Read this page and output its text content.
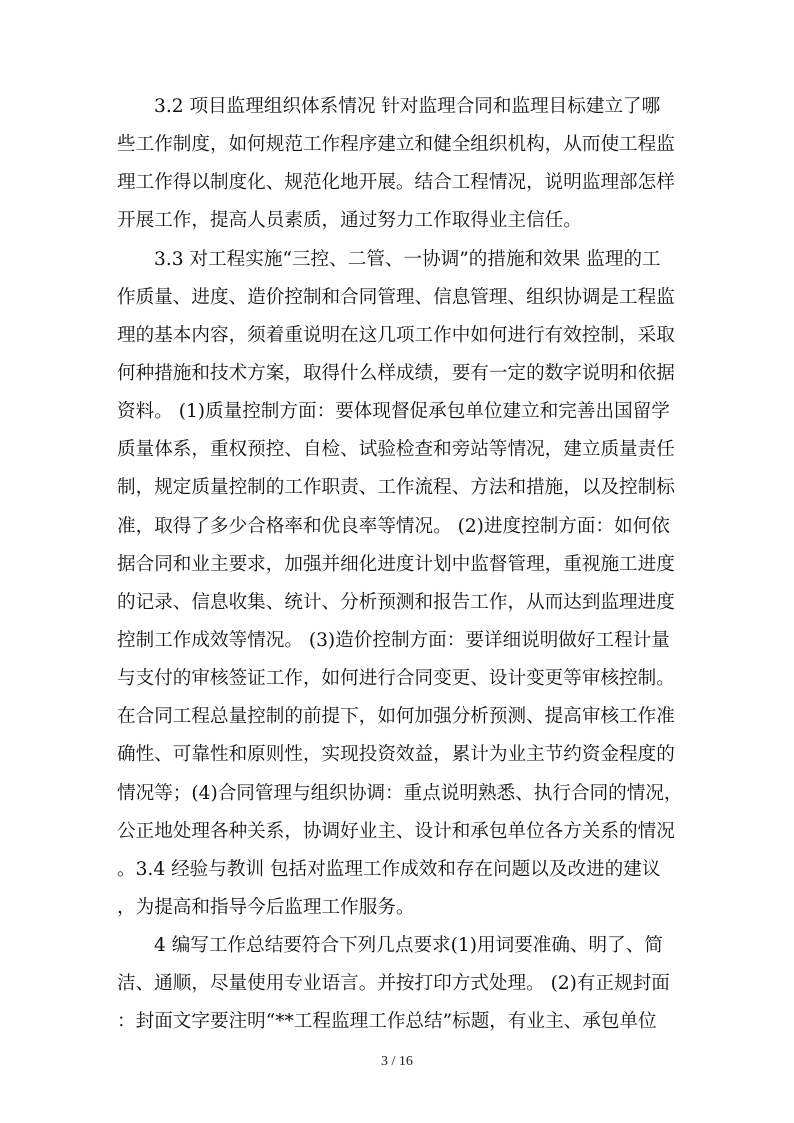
3.2 项目监理组织体系情况 针对监理合同和监理目标建立了哪
些工作制度，如何规范工作程序建立和健全组织机构，从而使工程监
理工作得以制度化、规范化地开展。结合工程情况，说明监理部怎样
开展工作，提高人员素质，通过努力工作取得业主信任。
3.3 对工程实施“三控、二管、一协调”的措施和效果 监理的工
作质量、进度、造价控制和合同管理、信息管理、组织协调是工程监
理的基本内容，须着重说明在这几项工作中如何进行有效控制，采取
何种措施和技术方案，取得什么样成绩，要有一定的数字说明和依据
资料。 (1)质量控制方面：要体现督促承包单位建立和完善出国留学
质量体系，重权预控、自检、试验检查和旁站等情况，建立质量责任
制，规定质量控制的工作职责、工作流程、方法和措施，以及控制标
准，取得了多少合格率和优良率等情况。 (2)进度控制方面：如何依
据合同和业主要求，加强并细化进度计划中监督管理，重视施工进度
的记录、信息收集、统计、分析预测和报告工作，从而达到监理进度
控制工作成效等情况。 (3)造价控制方面：要详细说明做好工程计量
与支付的审核签证工作，如何进行合同变更、设计变更等审核控制。
在合同工程总量控制的前提下，如何加强分析预测、提高审核工作准
确性、可靠性和原则性，实现投资效益，累计为业主节约资金程度的
情况等；(4)合同管理与组织协调：重点说明熟悉、执行合同的情况，
公正地处理各种关系，协调好业主、设计和承包单位各方关系的情况
。3.4 经验与教训 包括对监理工作成效和存在问题以及改进的建议
，为提高和指导今后监理工作服务。
4 编写工作总结要符合下列几点要求(1)用词要准确、明了、简
洁、通顺，尽量使用专业语言。并按打印方式处理。 (2)有正规封面
：封面文字要注明“**工程监理工作总结”标题，有业主、承包单位
3 / 16
